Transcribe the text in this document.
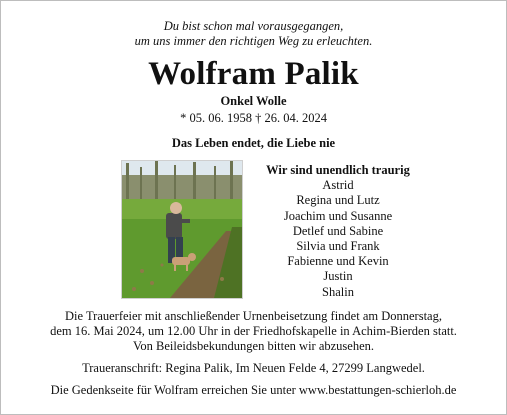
Du bist schon mal vorausgegangen,
um uns immer den richtigen Weg zu erleuchten.
Wolfram Palik
Onkel Wolle
* 05. 06. 1958 † 26. 04. 2024
Das Leben endet, die Liebe nie
Wir sind unendlich traurig
Astrid
Regina und Lutz
Joachim und Susanne
Detlef und Sabine
Silvia und Frank
Fabienne und Kevin
Justin
Shalin
Die Trauerfeier mit anschließender Urnenbeisetzung findet am Donnerstag,
dem 16. Mai 2024, um 12.00 Uhr in der Friedhofskapelle in Achim-Bierden statt.
Von Beileidsbekundungen bitten wir abzusehen.
Traueranschrift: Regina Palik, Im Neuen Felde 4, 27299 Langwedel.
Die Gedenkseite für Wolfram erreichen Sie unter www.bestattungen-schierloh.de
